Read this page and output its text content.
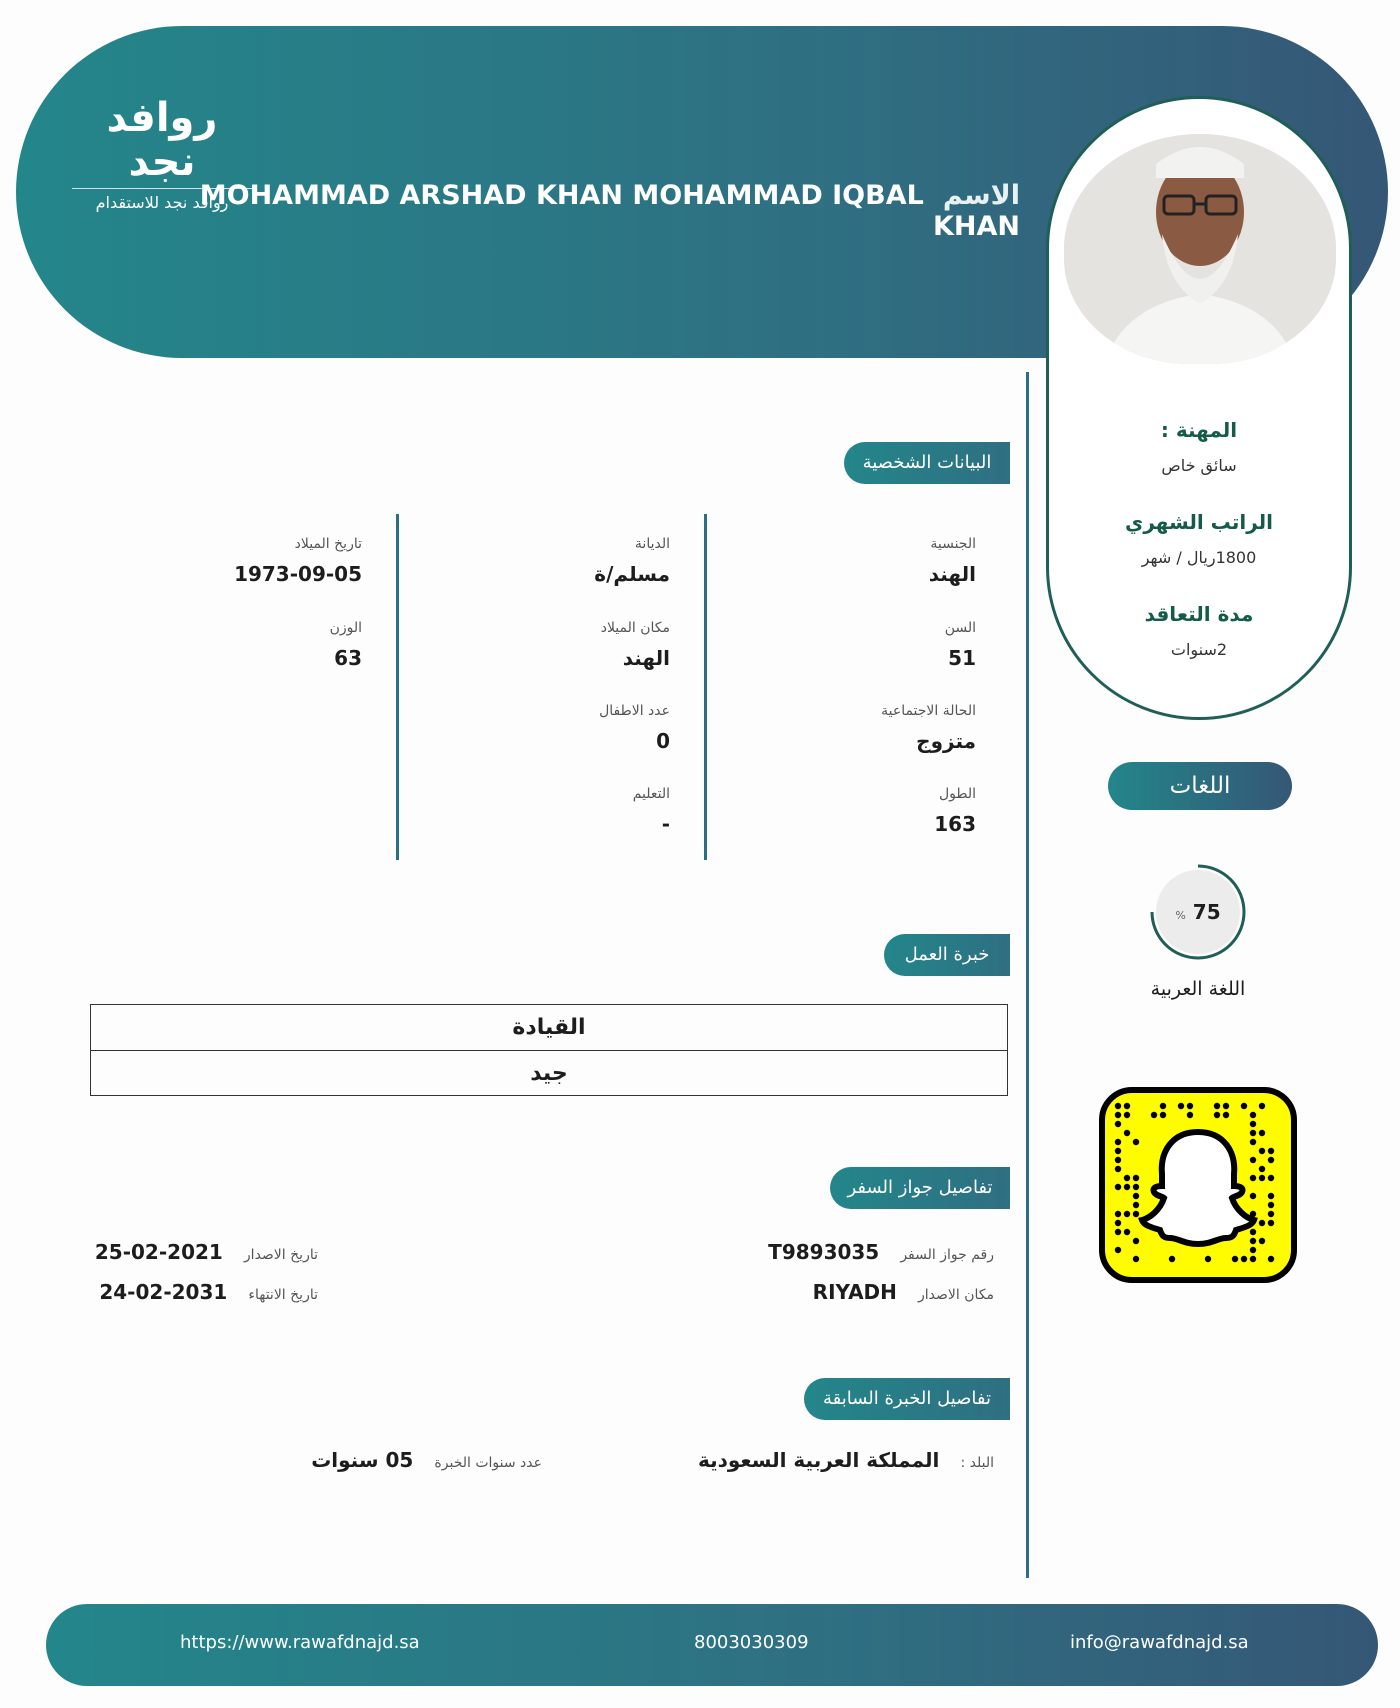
روافد نجد
روافد نجد للاستقدام	الاسم MOHAMMAD ARSHAD KHAN MOHAMMAD IQBAL KHAN
المهنة :
سائق خاص
الراتب الشهري
1800ريال / شهر
مدة التعاقد
2سنوات
البيانات الشخصية
الجنسية
الهند
السن
51
الحالة الاجتماعية
متزوج
الطول
163
الديانة
مسلم/ة
مكان الميلاد
الهند
عدد الاطفال
0
التعليم
-
تاريخ الميلاد
1973-09-05
الوزن
63
اللغات
% 75
اللغة العربية
خبرة العمل
القيادة
جيد
تفاصيل جواز السفر
رقم جواز السفر T9893035
مكان الاصدار RIYADH
تاريخ الاصدار 2021-02-25
تاريخ الانتهاء 2031-02-24
تفاصيل الخبرة السابقة
البلد : المملكة العربية السعودية
عدد سنوات الخبرة 05 سنوات
https://www.rawafdnajd.sa	8003030309	info@rawafdnajd.sa
